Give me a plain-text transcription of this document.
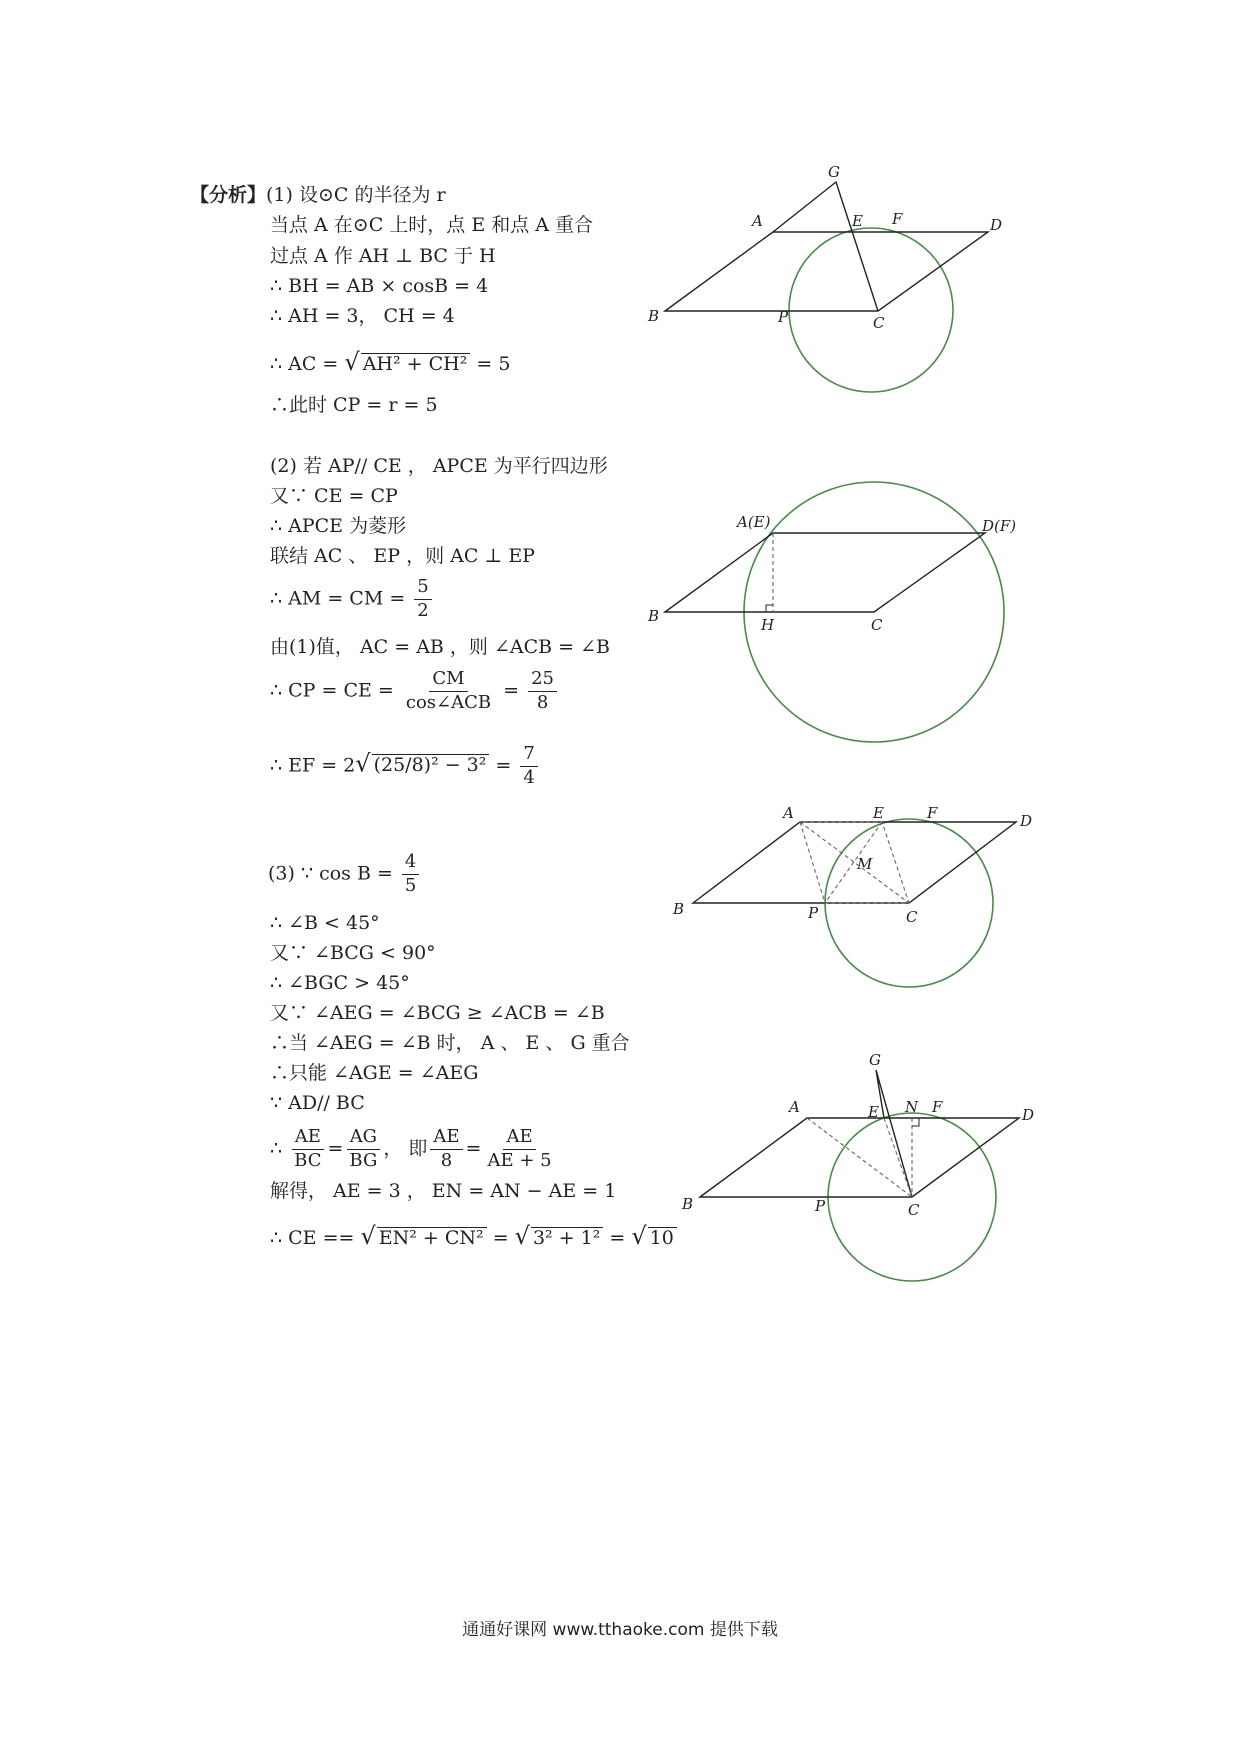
【分析】(1) 设⊙C 的半径为 r
当点 A 在⊙C 上时，点 E 和点 A 重合
过点 A 作 AH ⊥ BC 于 H
∴ BH = AB × cosB = 4
∴ AH = 3， CH = 4
∴ AC = √ AH² + CH² = 5
∴此时 CP = r = 5
(2) 若 AP// CE ， APCE 为平行四边形
又∵ CE = CP
∴ APCE 为菱形
联结 AC 、 EP ，则 AC ⊥ EP
∴ AM = CM = $\frac{5}{2}$
由(1)值， AC = AB ，则 ∠ACB = ∠B
∴ CP = CE = $\frac{CM}{\text{cos∠ACB}} = \frac{25}{8}$
∴ EF = 2√ $(25/8)^2 - 3^2 = \frac{7}{4}$
(3) ∵ $\cos B = \frac{4}{5}$
∴ ∠B < 45°
又∵ ∠BCG < 90°
∴ ∠BGC > 45°
又∵ ∠AEG = ∠BCG ≥ ∠ACB = ∠B
∴当 ∠AEG = ∠B 时， A 、 E 、 G 重合
∴只能 ∠AGE = ∠AEG
∵ AD// BC
∴ $\frac{AE}{BC} = \frac{AG}{BG}$ ， 即 $\frac{AE}{8} = \frac{AE}{AE + 5}$
解得， AE = 3 ， EN = AN − AE = 1
∴ CE == √ EN² + CN² = √ 3² + 1² = √ 10
G
A	E F	D
B	P	C
A(E)	D(F)
B	H	C
A	E	F	D
M
B	P	C
G
A	E N F	D
B	P	C
通通好课网 www.tthaoke.com 提供下载
